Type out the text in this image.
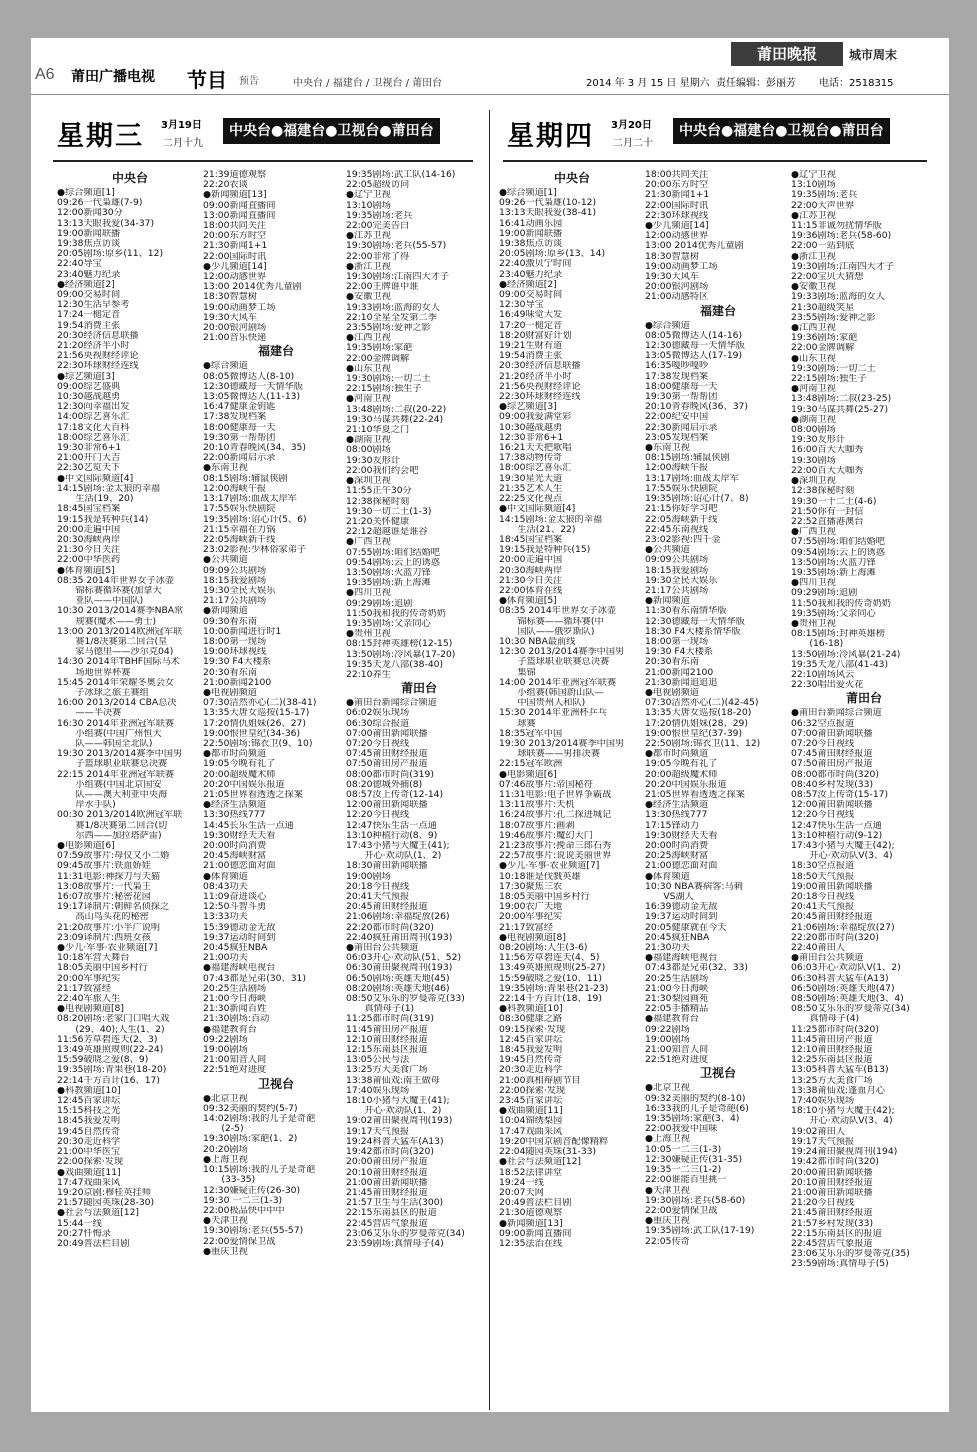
A6 莆田广播电视 节目 预告	中央台 / 福建台 / 卫视台 / 莆田台	2014 年 3 月 15 日 星期六 责任编辑：彭丽芳 电话：2518315
莆田晚报	城市周末
星期三 3月19日
二月十九
中央台●福建台●卫视台●莆田台	星期四 3月20日
二月二十
中央台●福建台●卫视台●莆田台
中央台
●综合频道[1]
09:26一代枭雄(7-9)
12:00新闻30分
13:13天眼我爱(34-37)
19:00新闻联播
19:38焦点访谈
20:05剧场:原乡(11、12)
22:40导宝
23:40魅力纪录
●经济频道[2]
09:00交易时间
12:30生活早参考
17:24一槌定音
19:54消费主张
20:30经济信息联播
21:20经济半小时
21:56央视财经评论
22:30环球财经连线
●综艺频道[3]
09:00综艺盛典
10:30越战越勇
12:30向幸福出发
14:00综艺喜乐汇
17:18文化大百科
18:00综艺喜乐汇
19:30非常6+1
21:00开门大吉
22:30艺览天下
●中文国际频道[4]
14:15剧场:金太狼的幸福
　　生活(19、20)
18:45国宝档案
19:15我是转种兵(14)
20:00走遍中国
20:30海峡两岸
21:30今日关注
22:00中华医药
●体育频道[5]
08:35 2014年世界女子冰壶
　　锦标赛循环赛(加拿大
　　亚队——中国队)
10:30 2013/2014赛季NBA常
　　规赛(魔术——勇士)
13:00 2013/2014欧洲冠军联
　　赛1/8决赛第二回合(皇
　　家马德里——沙尔克04)
14:30 2014年TBHF国际马术
　　场地世界杯赛
15:45 2014年荣耀冬奥会女
　　子冰球之旅主赛组
16:00 2013/2014 CBA总决
　　——半决赛
16:30 2014年亚洲冠军联赛
　　小组赛(中国广州恒大
　　队——韩国全北队)
19:30 2013/2014赛季中国男
　　子篮球职业联赛总决赛
22:15 2014年亚洲冠军联赛
　　小组赛(中国北京国安
　　队——澳大利亚中央海
　　岸水手队)
00:30 2013/2014欧洲冠军联
　　赛1/8决赛第二回合(切
　　尔西——加拉塔萨雷)
●电影频道[6]
07:59故事片:母仪又小二婚
09:45故事片:铁血娇娃
11:31电影:神探刀与天猫
13:08故事片:一代枭王
16:07故事片:秘密花园
19:17译制片:朝鲜名侦探之
　　高山鸟头花的秘密
21:20故事片:小半广说明
23:09译制片:西班女孩
●少儿·军事·农业频道[7]
10:18军营大舞台
18:05美丽中国乡村行
20:00军事纪实
21:17致富经
22:40军旅人生
●电视剧频道[8]
08:20剧场:老家门口唱大戏
　　(29、40);人生(1、2)
11:56芳草碧连天(2、3)
13:49英雄照规则(22-24)
15:59破晓之爱(8、9)
19:35剧场:青果巷(18-20)
22:14千方百计(16、17)
●科教频道[10]
12:45百家讲坛
15:15科技之光
18:45我爱发明
19:45自然传奇
20:30走近科学
21:00中华医宝
22:00探索·发现
●戏曲频道[11]
17:47戏曲采风
19:20京剧:穆桂英挂帅
21:57随园英珠(28-30)
●社会与法频道[12]
15:44一线
20:27忏悔录
20:49普法栏目剧
21:39道德观察
22:20农谈
●新闻频道[13]
09:00新闻直播间
13:00新闻直播间
18:00共同关注
20:00东方时空
21:30新闻1+1
22:00国际时讯
●少儿频道[14]
12:00动感世界
13:00 2014优秀儿童剧
18:30智慧树
19:00动画梦工场
19:30大风车
20:00银河剧场
21:00音乐快递
福建台
●综合频道
08:05微博达人(8-10)
12:30德藏每一天情华版
13:05微博达人(11-13)
16:47健康金钥匙
17:38发现档案
18:00健康每一天
19:30第一帮帮团
20:10青春晚风(34、35)
22:00新闻启示录
●东南卫视
08:15剧场:辅鼠侠剧
12:00海峡午报
13:17剧场:血战太岸军
17:55娱乐快剧院
19:35剧场:诏心计(5、6)
21:15幸福在力锅
22:05海峡新干线
23:02影视:少林俗家弟子
●公共频道
09:09公共剧场
18:15我爱剧场
19:30全民大娱乐
21:17公共剧场
●新闻频道
09:30看东南
10:00新闻进行时1
18:00第一现场
19:00环球视线
19:30 F4大楼系
20:30看东南
21:00新闻2100
●电视剧频道
07:30洁然亦心(二)(38-41)
13:35大唐女巡按(15-17)
17:20情仇姐妹(26、27)
19:00恨世皇纪(34-36)
22:50剧场:锦衣卫(9、10)
●都市时尚频道
19:05今晚有礼了
20:00超级魔术师
20:20中国娱乐报道
21:05世界看透透之探案
●经济生活频道
13:30热线777
14:45长乐生活一点通
19:30财经天天看
20:00时尚消费
20:45海峡财富
21:00德恋面对面
●体育频道
08:43功夫
11:09奋进谈心
12:50斗智斗勇
13:33功夫
15:39德动金无敌
19:37运动时间到
20:45疯狂NBA
21:00功夫
●福建海峡电视台
07:43都是兄弟(30、31)
20:25生活剧场
21:00今日海峡
21:30新闻百姓
21:30剧场:百动
●福建教育台
09:22剧场
19:00剧场
21:00知音人间
22:51绝对进度
卫视台
●北京卫视
09:32美丽的契约(5-7)
14:02剧场:我的儿子是奇葩
　　(2-5)
19:30剧场:家葩(1、2)
20:20剧场
●上海卫视
10:15剧场:我的儿子是奇葩
　　(33-35)
12:30嫌疑正传(26-30)
19:30 一二三(1-3)
22:00极品快中中中
●天津卫视
19:30剧场:老兵(55-57)
22:00爱情保卫战
●重庆卫视
19:35剧场:武工队(14-16)
22:05超级访问
●辽宁卫视
13:10剧场
19:35剧场:老兵
22:00完美告白
●江苏卫视
19:30剧场:老兵(55-57)
22:00非常了得
●浙江卫视
19:30剧场:江南四大才子
22:00王牌谁中谁
●安徽卫视
19:33剧场:蓝海的女人
22:10全星全发第二季
23:55剧场:爱神之影
●江西卫视
19:35剧场:家葩
22:00金牌调解
●山东卫视
19:30剧场:一切二土
22:15剧场:独生子
●河南卫视
13:48剧场:二叔(20-22)
19:30马谋共舞(22-24)
21:10华夏之门
●湖南卫视
08:00剧场
19:30友形计
22:00我们约会吧
●深圳卫视
11:55正午30分
12:38探秘时刻
19:30一切二土(1-3)
21:20关怀健康
22:12超越谁是谁谷
●广西卫视
07:55剧场:咱们结婚吧
09:54剧场:云上的诱惑
13:50剧场:火蓝刀锋
19:35剧场:新上海滩
●四川卫视
09:29剧场:追剧
11:50我和我的传奇奶奶
19:35剧场:父亲同心
●贵州卫视
08:15封神英雄榜(12-15)
13:50剧场:冷风暴(17-20)
19:35天龙八部(38-40)
22:10养生
莆田台
●莆田台新闻综合频道
06:02娱乐现场
06:30综合报道
07:00莆田新闻联播
07:20今日视线
07:45莆田财经报道
07:50莆田房产报道
08:00都市时尚(319)
08:20德城外捕(8)
08:57汝上传奇(12-14)
12:00莆田新闻联播
12:20今日视线
12:47快乐生活一点通
13:10种植行动(8、9)
17:43小猪与大魔王(41);
　　开心·欢动队(1、2)
18:30莆田新闻联播
19:00剧场
20:18今日视线
20:41天气预报
20:45莆田财经报道
21:06剧场:幸福绽放(26)
22:20都市时尚(320)
22:40疯狂莆田周刊(193)
●莆田台公共频道
06:03开心·欢动队(51、52)
06:30莆田聚视周刊(193)
06:50剧场:英雄天地(45)
08:20剧场:英雄天地(46)
08:50艾乐乐的罗曼蒂克(33)
　　真情母子(1)
11:25都市时尚(319)
11:45莆田房产报道
12:10莆田财经报道
12:15东南县区报道
13:05公民与法
13:25方大美食广场
13:38莆仙戏:南王做母
17:40娱乐现场
18:10小猪与大魔王(41);
　　开心·欢动队(1、2)
19:02莆田聚视周刊(193)
19:17天气预报
19:24科普大猛车(A13)
19:42都市时尚(320)
20:00莆田房产报道
20:10莆田财经报道
21:00莆田新闻联播
21:45莆田财经报道
21:57卫生与生活(300)
22:15东南县区的报道
22:45营店气象报道
23:06艾乐乐的罗曼蒂克(34)
23:59剧场:真情母子(4)
中央台
●综合频道[1]
09:26一代枭雄(10-12)
13:13天眼我爱(38-41)
16:41动画乐园
19:00新闻联播
19:38焦点访谈
20:05剧场:原乡(13、14)
22:40激贝宁时间
23:40魅力纪录
●经济频道[2]
09:00交易时间
12:30导宝
16:49味觉大发
17:20一槌定音
18:20财富好计划
19:21生财有道
19:54消费主张
20:30经济信息联播
21:20经济半小时
21:56央视财经评论
22:30环球财经连线
●综艺频道[3]
09:00我爱满堂彩
10:30越战越勇
12:30非常6+1
16:21天天把歌唱
17:38动物传奇
18:00综艺喜乐汇
19:30星光大道
21:35艺术人生
22:25文化视点
●中文国际频道[4]
14:15剧场:金太狼的幸福
　　生活(21、22)
18:45国宝档案
19:15我是特种兵(15)
20:00走遍中国
20:30海峡两岸
21:30今日关注
22:00体育在线
●体育频道[5]
08:35 2014年世界女子冰壶
　　锦标赛——循环赛(中
　　国队——俄罗斯队)
10:30 NBA最前线
12:30 2013/2014赛季中国男
　　子篮球职业联赛总决赛
　　集锦
14:00 2014年亚洲冠军联赛
　　小组赛(韩国蔚山队—
　　中国贵州人和队)
15:30 2014年亚洲杯乒乓
　　球赛
18:35冠军中国
19:30 2013/2014赛季中国男
　　球联赛——男排决赛
22:15冠军欧洲
●电影频道[6]
07:46故事片:帝国秘符
11:31电影:电子世界争霸战
13:11故事片:天机
16:24故事片:孔二探进城记
18:07故事片:画剥
19:46故事片:魔幻大门
21:23故事片:挽命三郎石秀
22:57故事片:说说美丽世界
●少儿·军事·农业频道[7]
10:18谁是伐戮英雄
17:30聚焦三农
18:05美丽中国乡村行
19:00农广天地
20:00军事纪实
21:17致富经
●电视剧频道[8]
08:20剧场:人生(3-6)
11:56芳草碧连天(4、5)
13:49英雄照规则(25-27)
15:59破晓之爱(10、11)
19:35剧场:青果巷(21-23)
22:14千方百计(18、19)
●科教频道[10]
08:30健康之路
09:15探索·发现
12:45百家讲坛
18:45我爱发明
19:45自然传奇
20:30走近科学
21:00真相辩剧节目
22:00探索·发现
23:45百家讲坛
●戏曲频道[11]
10:04锦绣梨园
17:47戏曲采风
19:20中国京剧音配像精粹
22:04随园英珠(31-33)
●社会与法频道[12]
18:52法律讲堂
19:24一线
20:07天网
20:49普法栏目剧
21:30道德观察
●新闻频道[13]
09:00新闻直播间
12:35法治在线
18:00共同关注
20:00东方时空
21:30新闻1+1
22:00国际时讯
22:30环球视线
●少儿频道[14]
12:00动感世界
13:00 2014优秀儿童剧
18:30智慧树
19:00动画梦工场
19:30大风车
20:00银河剧场
21:00动感特区
福建台
●综合频道
08:05微博达人(14-16)
12:30德藏每一天情华版
13:05微博达人(17-19)
16:35嘎吵嘎吵
17:38发现档案
18:00健康每一天
19:30第一帮帮团
20:10青春晚风(36、37)
22:00纪安中国
22:30新闻启示录
23:05发现档案
●东南卫视
08:15剧场:辅鼠侠剧
12:00海峡午报
13:17剧场:血战太岸军
17:55娱乐快剧院
19:35剧场:诏心计(7、8)
21:15你好学习吧
22:05海峡新干线
22:45东南视线
23:02影视:四千金
●公共频道
09:09公共剧场
18:15我爱剧场
19:30全民大娱乐
21:17公共剧场
●新闻频道
11:30看东南情华版
12:30德藏每一天情华版
18:30 F4大楼系情华版
18:00第一现场
19:30 F4大楼系
20:30看东南
21:00新闻2100
21:30新闻追追追
●电视剧频道
07:30洁然亦心(二)(42-45)
13:35大唐女巡按(18-20)
17:20情仇姐妹(28、29)
19:00恨世皇纪(37-39)
22:50剧场:锦衣卫(11、12)
●都市时尚频道
19:05今晚有礼了
20:00超级魔术师
20:20中国娱乐报道
21:05世界看透透之探案
●经济生活频道
13:30热线777
17:15锋动力
19:30财经天天看
20:00时尚消费
20:25海峡财富
21:00德恋面对面
●体育频道
10:30 NBA赛病客:马刺
　　VS湖人
16:39德动金无敌
19:37运动时间到
20:05健康就在今天
20:45疯狂NBA
21:30功夫
●福建海峡电视台
07:43都是兄弟(32、33)
20:25生活剧场
21:00今日海峡
21:30梨园画苑
22:05手播精品
●福建教育台
09:22剧场
19:00剧场
21:00知音人间
22:51绝对进度
卫视台
●北京卫视
09:32美丽的契约(8-10)
16:33我的儿子是奇葩(6)
19:35剧场:家葩(3、4)
22:00我爱中国味
●上海卫视
10:05一二三(1-3)
12:30嫌疑正传(31-35)
19:35一二三(1-2)
22:00谁能百里挑一
●天津卫视
19:30剧场:老兵(58-60)
22:00爱情保卫战
●重庆卫视
19:35剧场:武工队(17-19)
22:05传奇
●辽宁卫视
13:10剧场
19:35剧场:老兵
22:00大声世界
●江苏卫视
11:15非诚勿扰情华版
19:36剧场:老兵(58-60)
22:00一站到底
●浙江卫视
19:30剧场:江南四大才子
22:00宝贝大猜想
●安徽卫视
19:33剧场:蓝海的女人
21:30超级笑星
23:55剧场:爱神之影
●江西卫视
19:36剧场:家葩
22:00金牌调解
●山东卫视
19:30剧场:一切二土
22:15剧场:独生子
●河南卫视
13:48剧场:二叔(23-25)
19:30马谋共舞(25-27)
●湖南卫视
08:00剧场
19:30友形计
16:00百大大咖秀
19:30剧场
22:00百大大咖秀
●深圳卫视
12:38探秘时刻
19:30一十二土(4-6)
21:50你有一封信
22:52直播港澳台
●广西卫视
07:55剧场:咱们结婚吧
09:54剧场:云上的诱惑
13:50剧场:火蓝刀锋
19:35剧场:新上海滩
●四川卫视
09:29剧场:追剧
11:50我和我的传奇奶奶
19:35剧场:父亲同心
●贵州卫视
08:15剧场:封神英雄榜
　　(16-18)
13:50剧场:冷风暴(21-24)
19:35天龙八部(41-43)
22:10剧场风云
22:30唱出爱火花
莆田台
●莆田台新闻综合频道
06:32空点报道
07:00莆田新闻联播
07:20今日视线
07:45莆田财经报道
07:50莆田房产报道
08:00都市时尚(320)
08:40乡村发现(33)
08:57汝上传奇(15-17)
12:00莆田新闻联播
12:20今日视线
12:47快乐生活一点通
13:10种植行动(9-12)
17:43小猪与大魔王(42);
　　开心·欢动队V(3、4)
18:30空点报道
18:50天气预报
19:00莆田新闻联播
20:18今日视线
20:41天气预报
20:45莆田财经报道
21:06剧场:幸福绽放(27)
22:20都市时尚(320)
22:40莆田人
●莆田台公共频道
06:03开心·欢动队V(1、2)
06:30科普大猛车(A13)
06:50剧场:英雄天地(47)
08:50剧场:英雄天地(3、4)
08:50艾乐乐的罗曼蒂克(34)
　　真情母子(4)
11:25都市时尚(320)
11:45莆田房产报道
12:10莆田财经报道
12:25东南县区报道
13:05科普大猛车(B13)
13:25方大美食广场
13:38莆仙戏:蓬血月心
17:40娱乐现场
18:10小猪与大魔王(42);
　　开心·欢动队V(3、4)
19:02莆田人
19:17天气预报
19:24莆田聚视周刊(194)
19:42都市时尚(320)
20:00莆田新闻联播
20:10莆田财经报道
21:00莆田新闻联播
21:20今日视线
21:45莆田财经报道
21:57乡村发现(33)
22:15东南县区的报道
22:45营店气象报道
23:06艾乐乐的罗曼蒂克(35)
23:59剧场:真情母子(5)
